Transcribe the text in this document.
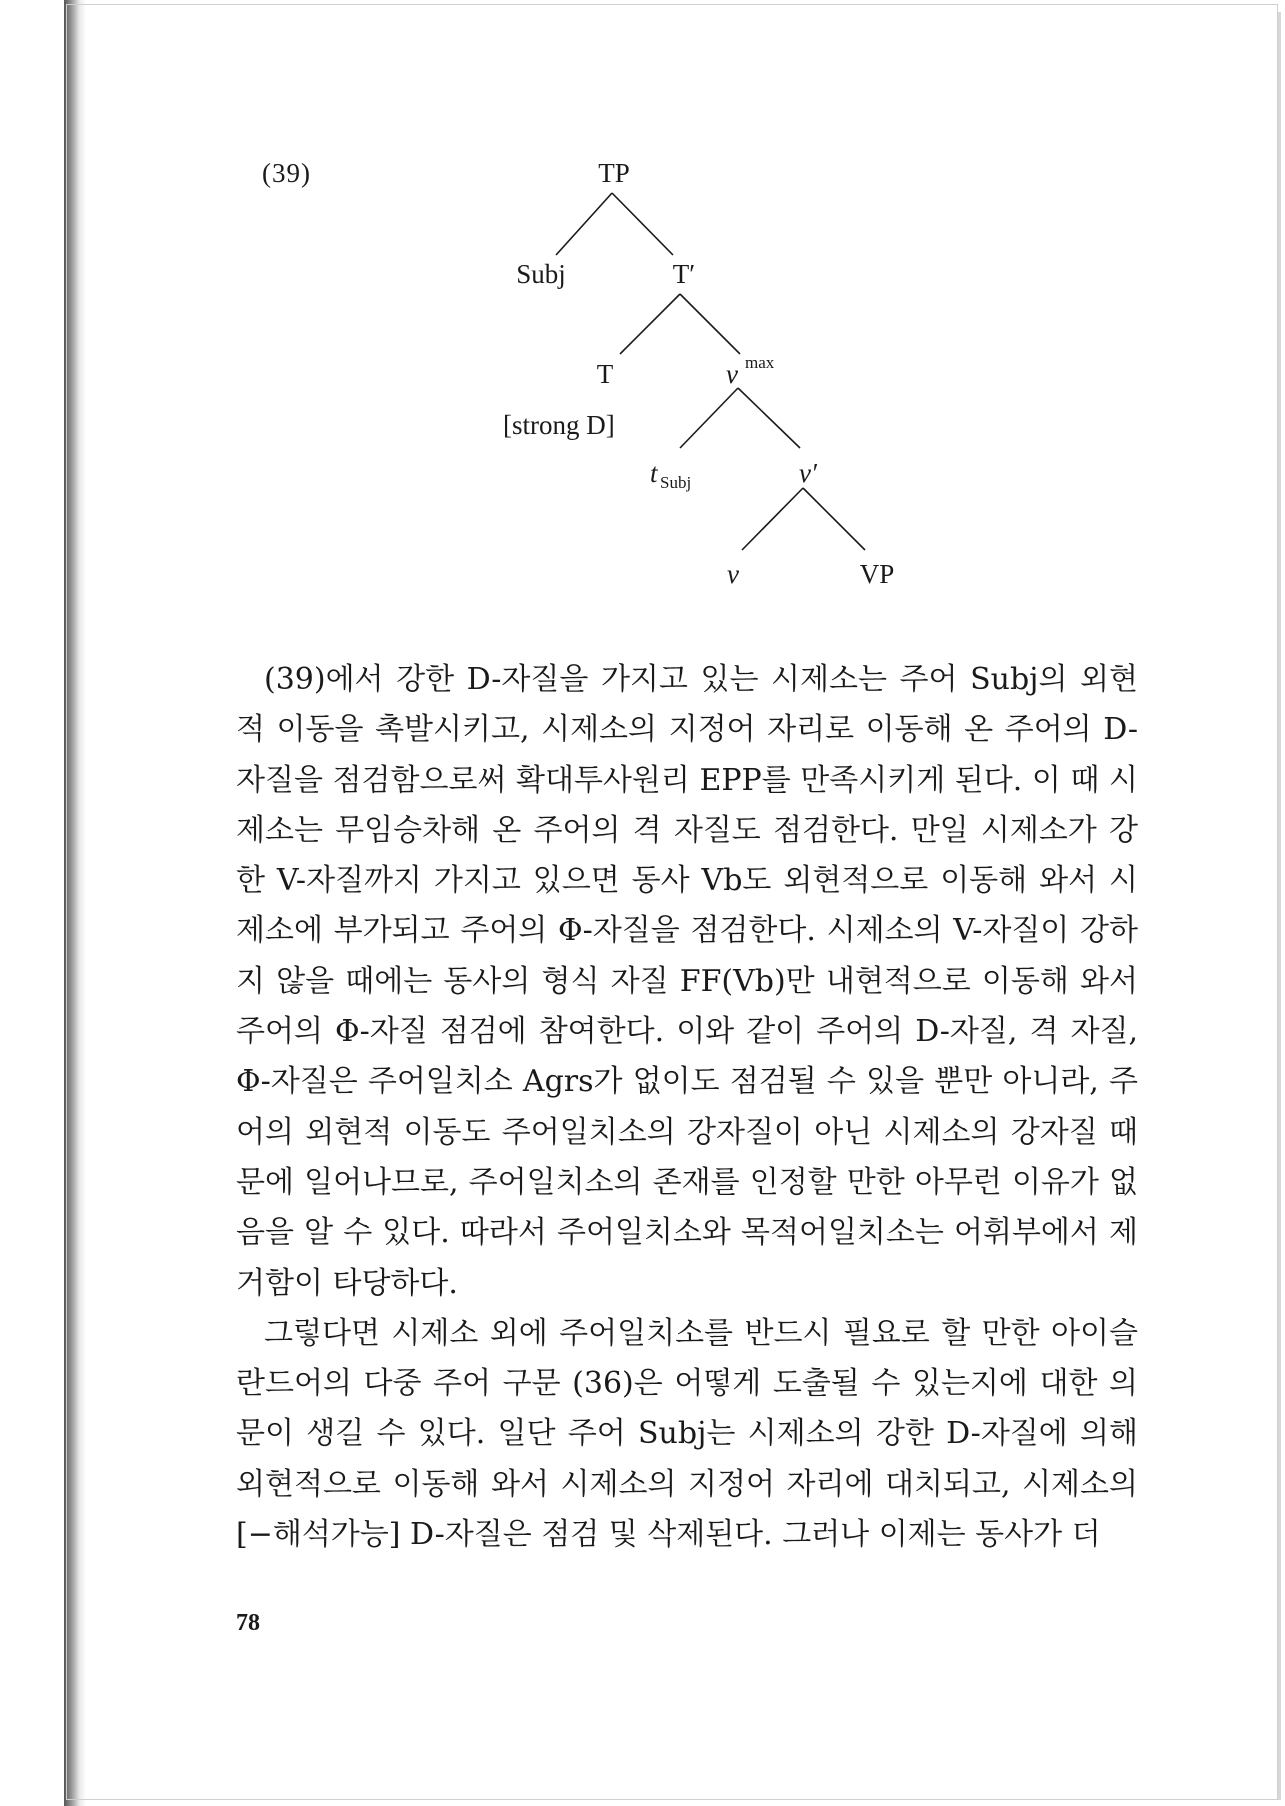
(39)	TP
Subj	T′
T
[strong D]
v max
t Subj	v′
v	VP

(39)에서 강한 D-자질을 가지고 있는 시제소는 주어 Subj의 외현적 이동을 촉발시키고, 시제소의 지정어 자리로 이동해 온 주어의 D-자질을 점검함으로써 확대투사원리 EPP를 만족시키게 된다. 이 때 시제소는 무임승차해 온 주어의 격 자질도 점검한다. 만일 시제소가 강한 V-자질까지 가지고 있으면 동사 Vb도 외현적으로 이동해 와서 시제소에 부가되고 주어의 Φ-자질을 점검한다. 시제소의 V-자질이 강하지 않을 때에는 동사의 형식 자질 FF(Vb)만 내현적으로 이동해 와서 주어의 Φ-자질 점검에 참여한다. 이와 같이 주어의 D-자질, 격 자질, Φ-자질은 주어일치소 Agrs가 없이도 점검될 수 있을 뿐만 아니라, 주어의 외현적 이동도 주어일치소의 강자질이 아닌 시제소의 강자질 때문에 일어나므로, 주어일치소의 존재를 인정할 만한 아무런 이유가 없음을 알 수 있다. 따라서 주어일치소와 목적어일치소는 어휘부에서 제거함이 타당하다.

그렇다면 시제소 외에 주어일치소를 반드시 필요로 할 만한 아이슬란드어의 다중 주어 구문 (36)은 어떻게 도출될 수 있는지에 대한 의문이 생길 수 있다. 일단 주어 Subj는 시제소의 강한 D-자질에 의해 외현적으로 이동해 와서 시제소의 지정어 자리에 대치되고, 시제소의 [−해석가능] D-자질은 점검 및 삭제된다. 그러나 이제는 동사가 더

78
